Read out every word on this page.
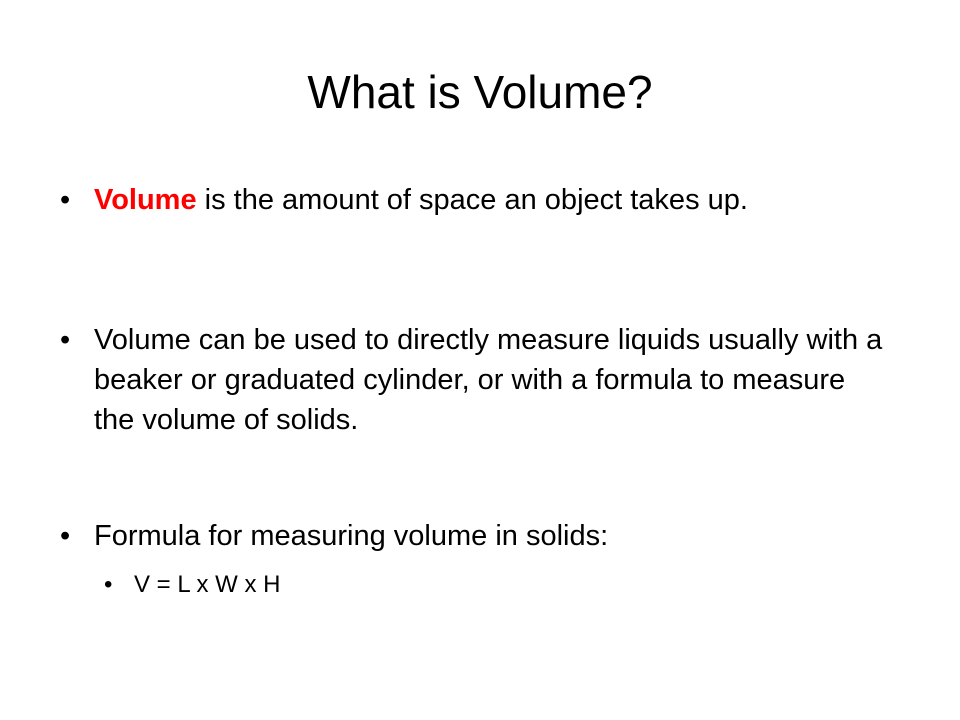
What is Volume?
• Volume is the amount of space an object takes up.
• Volume can be used to directly measure liquids usually with a beaker or graduated cylinder, or with a formula to measure the volume of solids.
• Formula for measuring volume in solids:
• V = L x W x H
